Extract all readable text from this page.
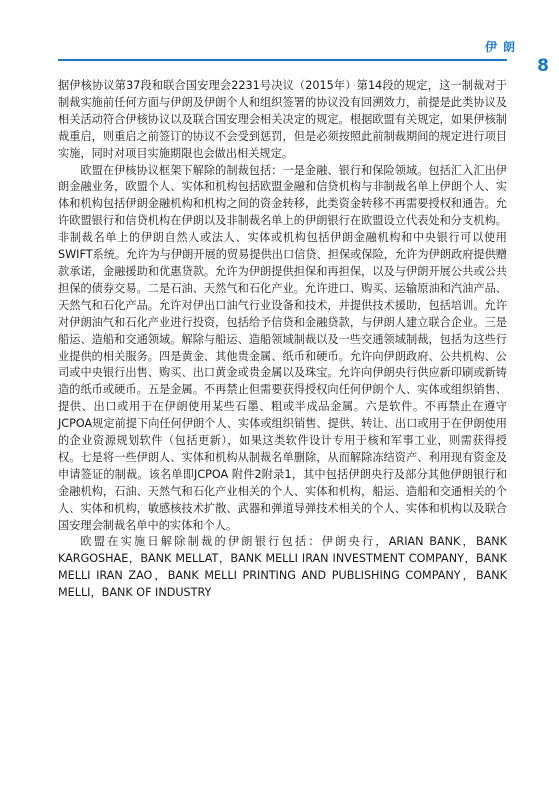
伊朗
8

据伊核协议第37段和联合国安理会2231号决议（2015年）第14段的规定，这一制裁对于制裁实施前任何方面与伊朗及伊朗个人和组织签署的协议没有回溯效力，前提是此类协议及相关活动符合伊核协议以及联合国安理会相关决定的规定。根据欧盟有关规定，如果伊核制裁重启，则重启之前签订的协议不会受到惩罚，但是必须按照此前制裁期间的规定进行项目实施，同时对项目实施期限也会做出相关规定。

欧盟在伊核协议框架下解除的制裁包括：一是金融、银行和保险领域。包括汇入汇出伊朗金融业务，欧盟个人、实体和机构包括欧盟金融和信贷机构与非制裁名单上伊朗个人、实体和机构包括伊朗金融机构和机构之间的资金转移，此类资金转移不再需要授权和通告。允许欧盟银行和信贷机构在伊朗以及非制裁名单上的伊朗银行在欧盟设立代表处和分支机构。非制裁名单上的伊朗自然人或法人、实体或机构包括伊朗金融机构和中央银行可以使用SWIFT系统。允许为与伊朗开展的贸易提供出口信贷、担保或保险，允许为伊朗政府提供赠款承诺，金融援助和优惠贷款。允许为伊朗提供担保和再担保，以及与伊朗开展公共或公共担保的债券交易。二是石油、天然气和石化产业。允许进口、购买、运输原油和汽油产品、天然气和石化产品。允许对伊出口油气行业设备和技术，并提供技术援助，包括培训。允许对伊朗油气和石化产业进行投资，包括给予信贷和金融贷款，与伊朗人建立联合企业。三是船运、造船和交通领域。解除与船运、造船领域制裁以及一些交通领域制裁，包括为这些行业提供的相关服务。四是黄金、其他贵金属、纸币和硬币。允许向伊朗政府、公共机构、公司或中央银行出售、购买、出口黄金或贵金属以及珠宝。允许向伊朗央行供应新印刷或新铸造的纸币或硬币。五是金属。不再禁止但需要获得授权向任何伊朗个人、实体或组织销售、提供、出口或用于在伊朗使用某些石墨、粗或半成品金属。六是软件。不再禁止在遵守JCPOA规定前提下向任何伊朗个人、实体或组织销售、提供、转让、出口或用于在伊朗使用的企业资源规划软件（包括更新），如果这类软件设计专用于核和军事工业，则需获得授权。七是将一些伊朗人、实体和机构从制裁名单删除，从而解除冻结资产、利用现有资金及申请签证的制裁。该名单即JCPOA 附件2附录1，其中包括伊朗央行及部分其他伊朗银行和金融机构，石油、天然气和石化产业相关的个人、实体和机构，船运、造船和交通相关的个人、实体和机构，敏感核技术扩散、武器和弹道导弹技术相关的个人、实体和机构以及联合国安理会制裁名单中的实体和个人。

欧盟在实施日解除制裁的伊朗银行包括：伊朗央行，ARIAN BANK，BANK KARGOSHAE，BANK MELLAT，BANK MELLI IRAN INVESTMENT COMPANY，BANK MELLI IRAN ZAO，BANK MELLI PRINTING AND PUBLISHING COMPANY，BANK MELLI，BANK OF INDUSTRY
